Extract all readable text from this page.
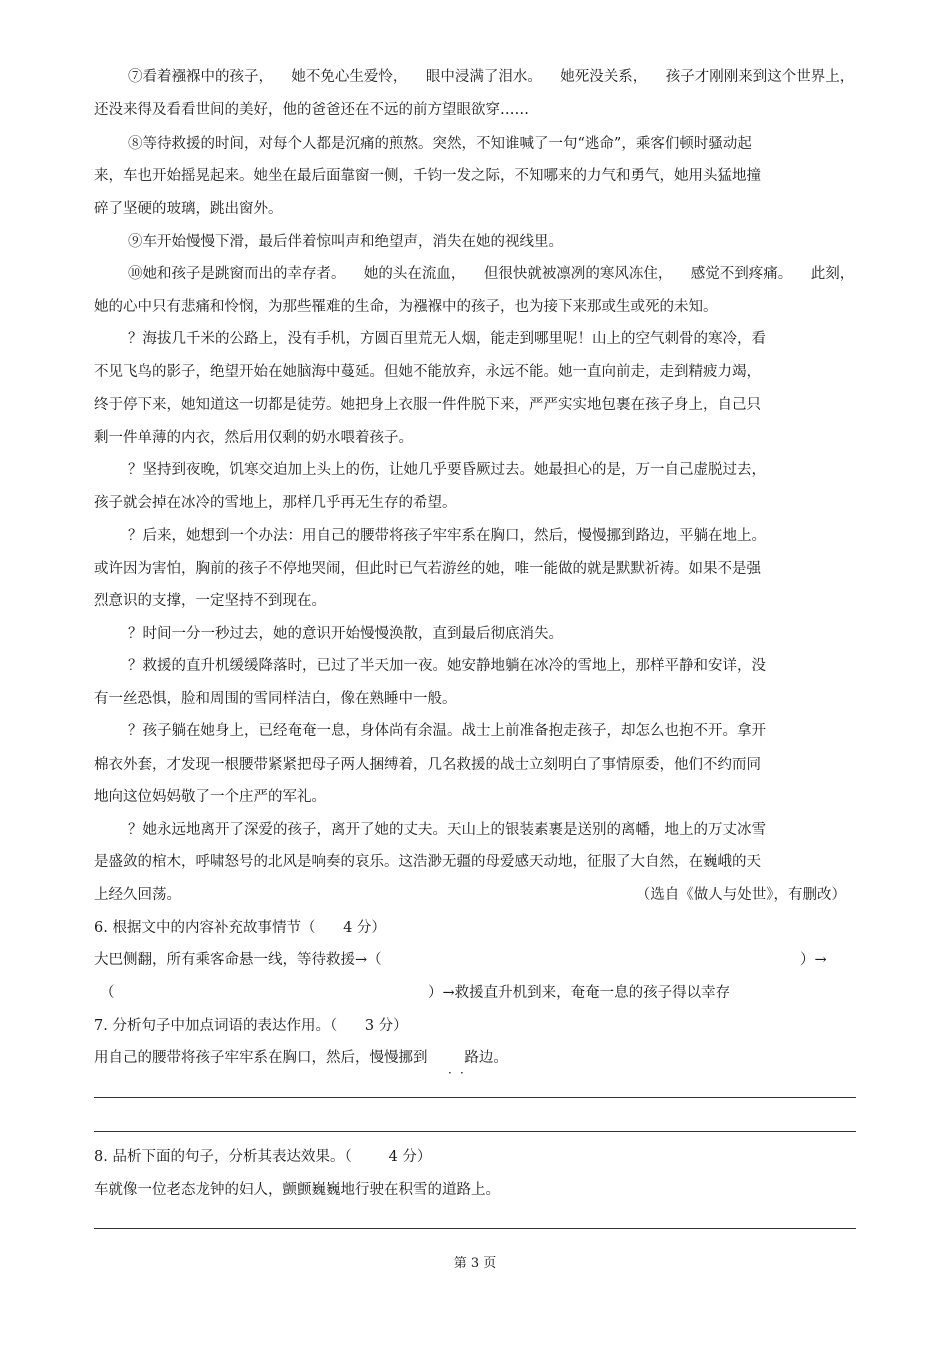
⑦看着襁褓中的孩子，    她不免心生爱怜，    眼中浸满了泪水。    她死没关系，    孩子才刚刚来到这个世界上，
还没来得及看看世间的美好，他的爸爸还在不远的前方望眼欲穿……
⑧等待救援的时间，对每个人都是沉痛的煎熬。突然，不知谁喊了一句“逃命”，乘客们顿时骚动起
来，车也开始摇晃起来。她坐在最后面靠窗一侧，千钧一发之际，不知哪来的力气和勇气，她用头猛地撞
碎了坚硬的玻璃，跳出窗外。
⑨车开始慢慢下滑，最后伴着惊叫声和绝望声，消失在她的视线里。
⑩她和孩子是跳窗而出的幸存者。    她的头在流血，    但很快就被凛冽的寒风冻住，    感觉不到疼痛。    此刻，
她的心中只有悲痛和怜悯，为那些罹难的生命，为襁褓中的孩子，也为接下来那或生或死的未知。
？海拔几千米的公路上，没有手机，方圆百里荒无人烟，能走到哪里呢！山上的空气刺骨的寒冷，看
不见飞鸟的影子，绝望开始在她脑海中蔓延。但她不能放弃，永远不能。她一直向前走，走到精疲力竭，
终于停下来，她知道这一切都是徒劳。她把身上衣服一件件脱下来，严严实实地包裹在孩子身上，自己只
剩一件单薄的内衣，然后用仅剩的奶水喂着孩子。
？坚持到夜晚，饥寒交迫加上头上的伤，让她几乎要昏厥过去。她最担心的是，万一自己虚脱过去，
孩子就会掉在冰冷的雪地上，那样几乎再无生存的希望。
？后来，她想到一个办法：用自己的腰带将孩子牢牢系在胸口，然后，慢慢挪到路边，平躺在地上。
或许因为害怕，胸前的孩子不停地哭闹，但此时已气若游丝的她，唯一能做的就是默默祈祷。如果不是强
烈意识的支撑，一定坚持不到现在。
？时间一分一秒过去，她的意识开始慢慢涣散，直到最后彻底消失。
？救援的直升机缓缓降落时，已过了半天加一夜。她安静地躺在冰冷的雪地上，那样平静和安详，没
有一丝恐惧，脸和周围的雪同样洁白，像在熟睡中一般。
？孩子躺在她身上，已经奄奄一息，身体尚有余温。战士上前准备抱走孩子，却怎么也抱不开。拿开
棉衣外套，才发现一根腰带紧紧把母子两人捆缚着，几名救援的战士立刻明白了事情原委，他们不约而同
地向这位妈妈敬了一个庄严的军礼。
？她永远地离开了深爱的孩子，离开了她的丈夫。天山上的银装素裹是送别的离幡，地上的万丈冰雪
是盛敛的棺木，呼啸怒号的北风是响奏的哀乐。这浩渺无疆的母爱感天动地，征服了大自然，在巍峨的天
上经久回荡。	（选自《做人与处世》，有删改）
6. 根据文中的内容补充故事情节（      4 分）
大巴侧翻，所有乘客命悬一线，等待救援→（	）→
（	）→救援直升机到来，奄奄一息的孩子得以幸存
7. 分析句子中加点词语的表达作用。（      3 分）
用自己的腰带将孩子牢牢系在胸口，然后，慢慢挪到        路边。
．．
8. 品析下面的句子，分析其表达效果。（        4 分）
车就像一位老态龙钟的妇人，颤颤巍巍地行驶在积雪的道路上。
第 3 页
